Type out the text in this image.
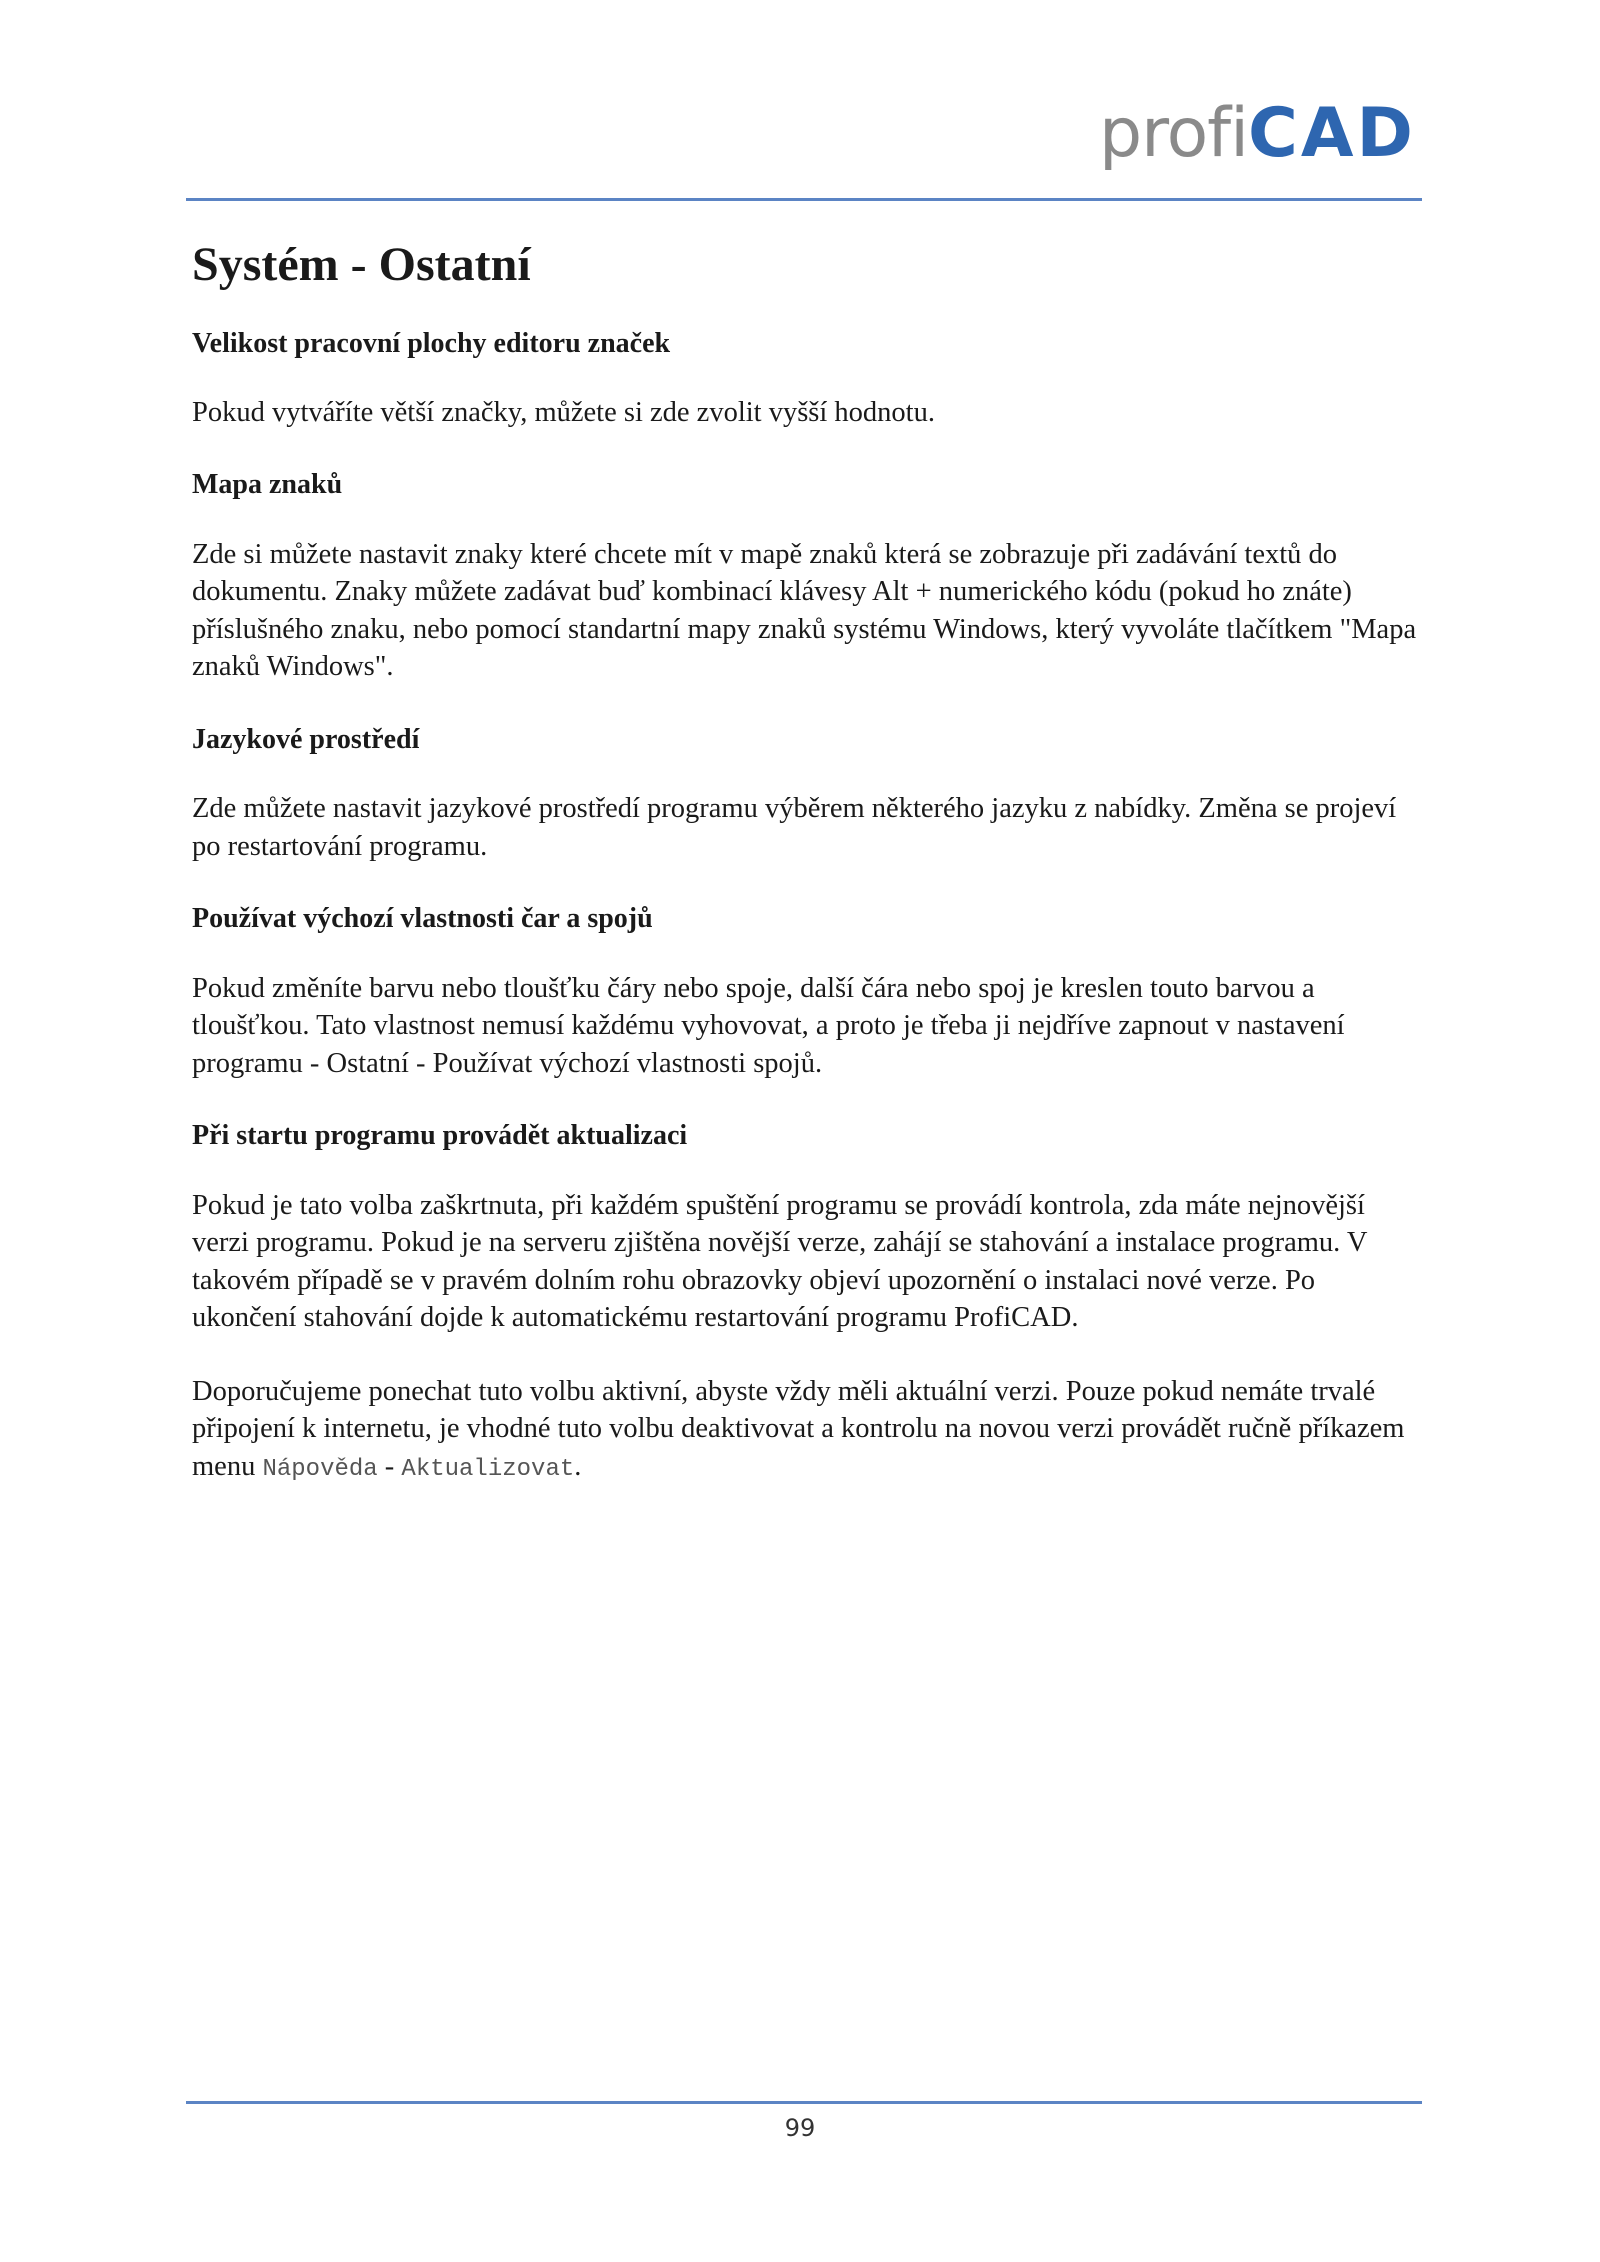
profiCAD
Systém - Ostatní
Velikost pracovní plochy editoru značek

Pokud vytváříte větší značky, můžete si zde zvolit vyšší hodnotu.

Mapa znaků

Zde si můžete nastavit znaky které chcete mít v mapě znaků která se zobrazuje při zadávání textů do dokumentu. Znaky můžete zadávat buď kombinací klávesy Alt + numerického kódu (pokud ho znáte) příslušného znaku, nebo pomocí standartní mapy znaků systému Windows, který vyvoláte tlačítkem "Mapa znaků Windows".

Jazykové prostředí

Zde můžete nastavit jazykové prostředí programu výběrem některého jazyku z nabídky. Změna se projeví po restartování programu.

Používat výchozí vlastnosti čar a spojů

Pokud změníte barvu nebo tloušťku čáry nebo spoje, další čára nebo spoj je kreslen touto barvou a tloušťkou. Tato vlastnost nemusí každému vyhovovat, a proto je třeba ji nejdříve zapnout v nastavení programu - Ostatní - Používat výchozí vlastnosti spojů.

Při startu programu provádět aktualizaci

Pokud je tato volba zaškrtnuta, při každém spuštění programu se provádí kontrola, zda máte nejnovější verzi programu. Pokud je na serveru zjištěna novější verze, zahájí se stahování a instalace programu. V takovém případě se v pravém dolním rohu obrazovky objeví upozornění o instalaci nové verze. Po ukončení stahování dojde k automatickému restartování programu ProfiCAD.

Doporučujeme ponechat tuto volbu aktivní, abyste vždy měli aktuální verzi. Pouze pokud nemáte trvalé připojení k internetu, je vhodné tuto volbu deaktivovat a kontrolu na novou verzi provádět ručně příkazem menu Nápověda - Aktualizovat.

99
